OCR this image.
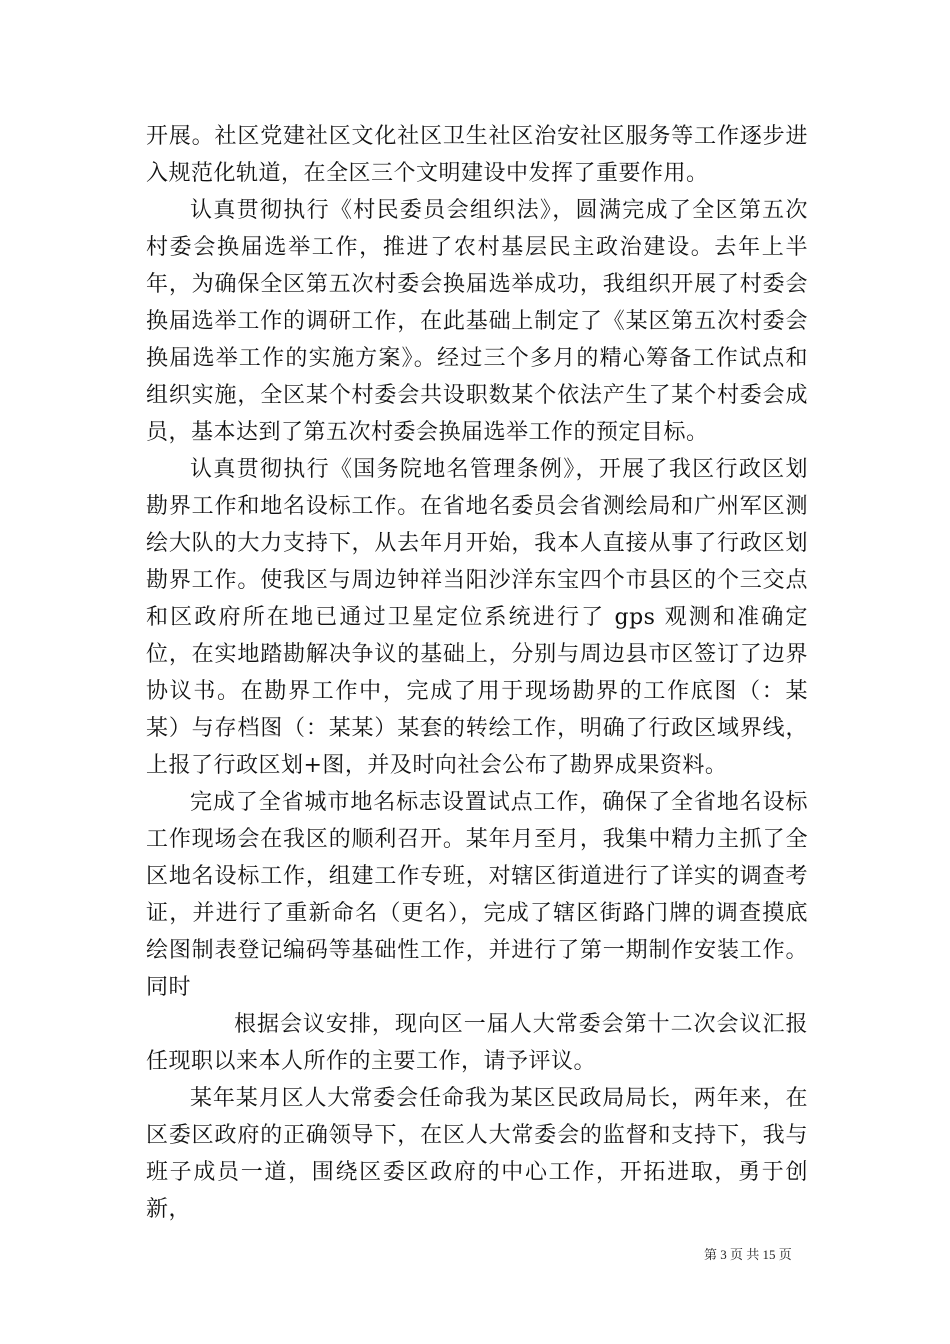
开展。社区党建社区文化社区卫生社区治安社区服务等工作逐步进入规范化轨道，在全区三个文明建设中发挥了重要作用。

认真贯彻执行《村民委员会组织法》，圆满完成了全区第五次村委会换届选举工作，推进了农村基层民主政治建设。去年上半年，为确保全区第五次村委会换届选举成功，我组织开展了村委会换届选举工作的调研工作，在此基础上制定了《某区第五次村委会换届选举工作的实施方案》。经过三个多月的精心筹备工作试点和组织实施，全区某个村委会共设职数某个依法产生了某个村委会成员，基本达到了第五次村委会换届选举工作的预定目标。

认真贯彻执行《国务院地名管理条例》，开展了我区行政区划勘界工作和地名设标工作。在省地名委员会省测绘局和广州军区测绘大队的大力支持下，从去年月开始，我本人直接从事了行政区划勘界工作。使我区与周边钟祥当阳沙洋东宝四个市县区的个三交点和区政府所在地已通过卫星定位系统进行了 gps 观测和准确定位，在实地踏勘解决争议的基础上，分别与周边县市区签订了边界协议书。在勘界工作中，完成了用于现场勘界的工作底图（：某某）与存档图（：某某）某套的转绘工作，明确了行政区域界线，上报了行政区划+图，并及时向社会公布了勘界成果资料。

完成了全省城市地名标志设置试点工作，确保了全省地名设标工作现场会在我区的顺利召开。某年月至月，我集中精力主抓了全区地名设标工作，组建工作专班，对辖区街道进行了详实的调查考证，并进行了重新命名（更名），完成了辖区街路门牌的调查摸底绘图制表登记编码等基础性工作，并进行了第一期制作安装工作。同时

根据会议安排，现向区一届人大常委会第十二次会议汇报任现职以来本人所作的主要工作，请予评议。

某年某月区人大常委会任命我为某区民政局局长，两年来，在区委区政府的正确领导下，在区人大常委会的监督和支持下，我与班子成员一道，围绕区委区政府的中心工作，开拓进取，勇于创新，

第 3 页 共 15 页
